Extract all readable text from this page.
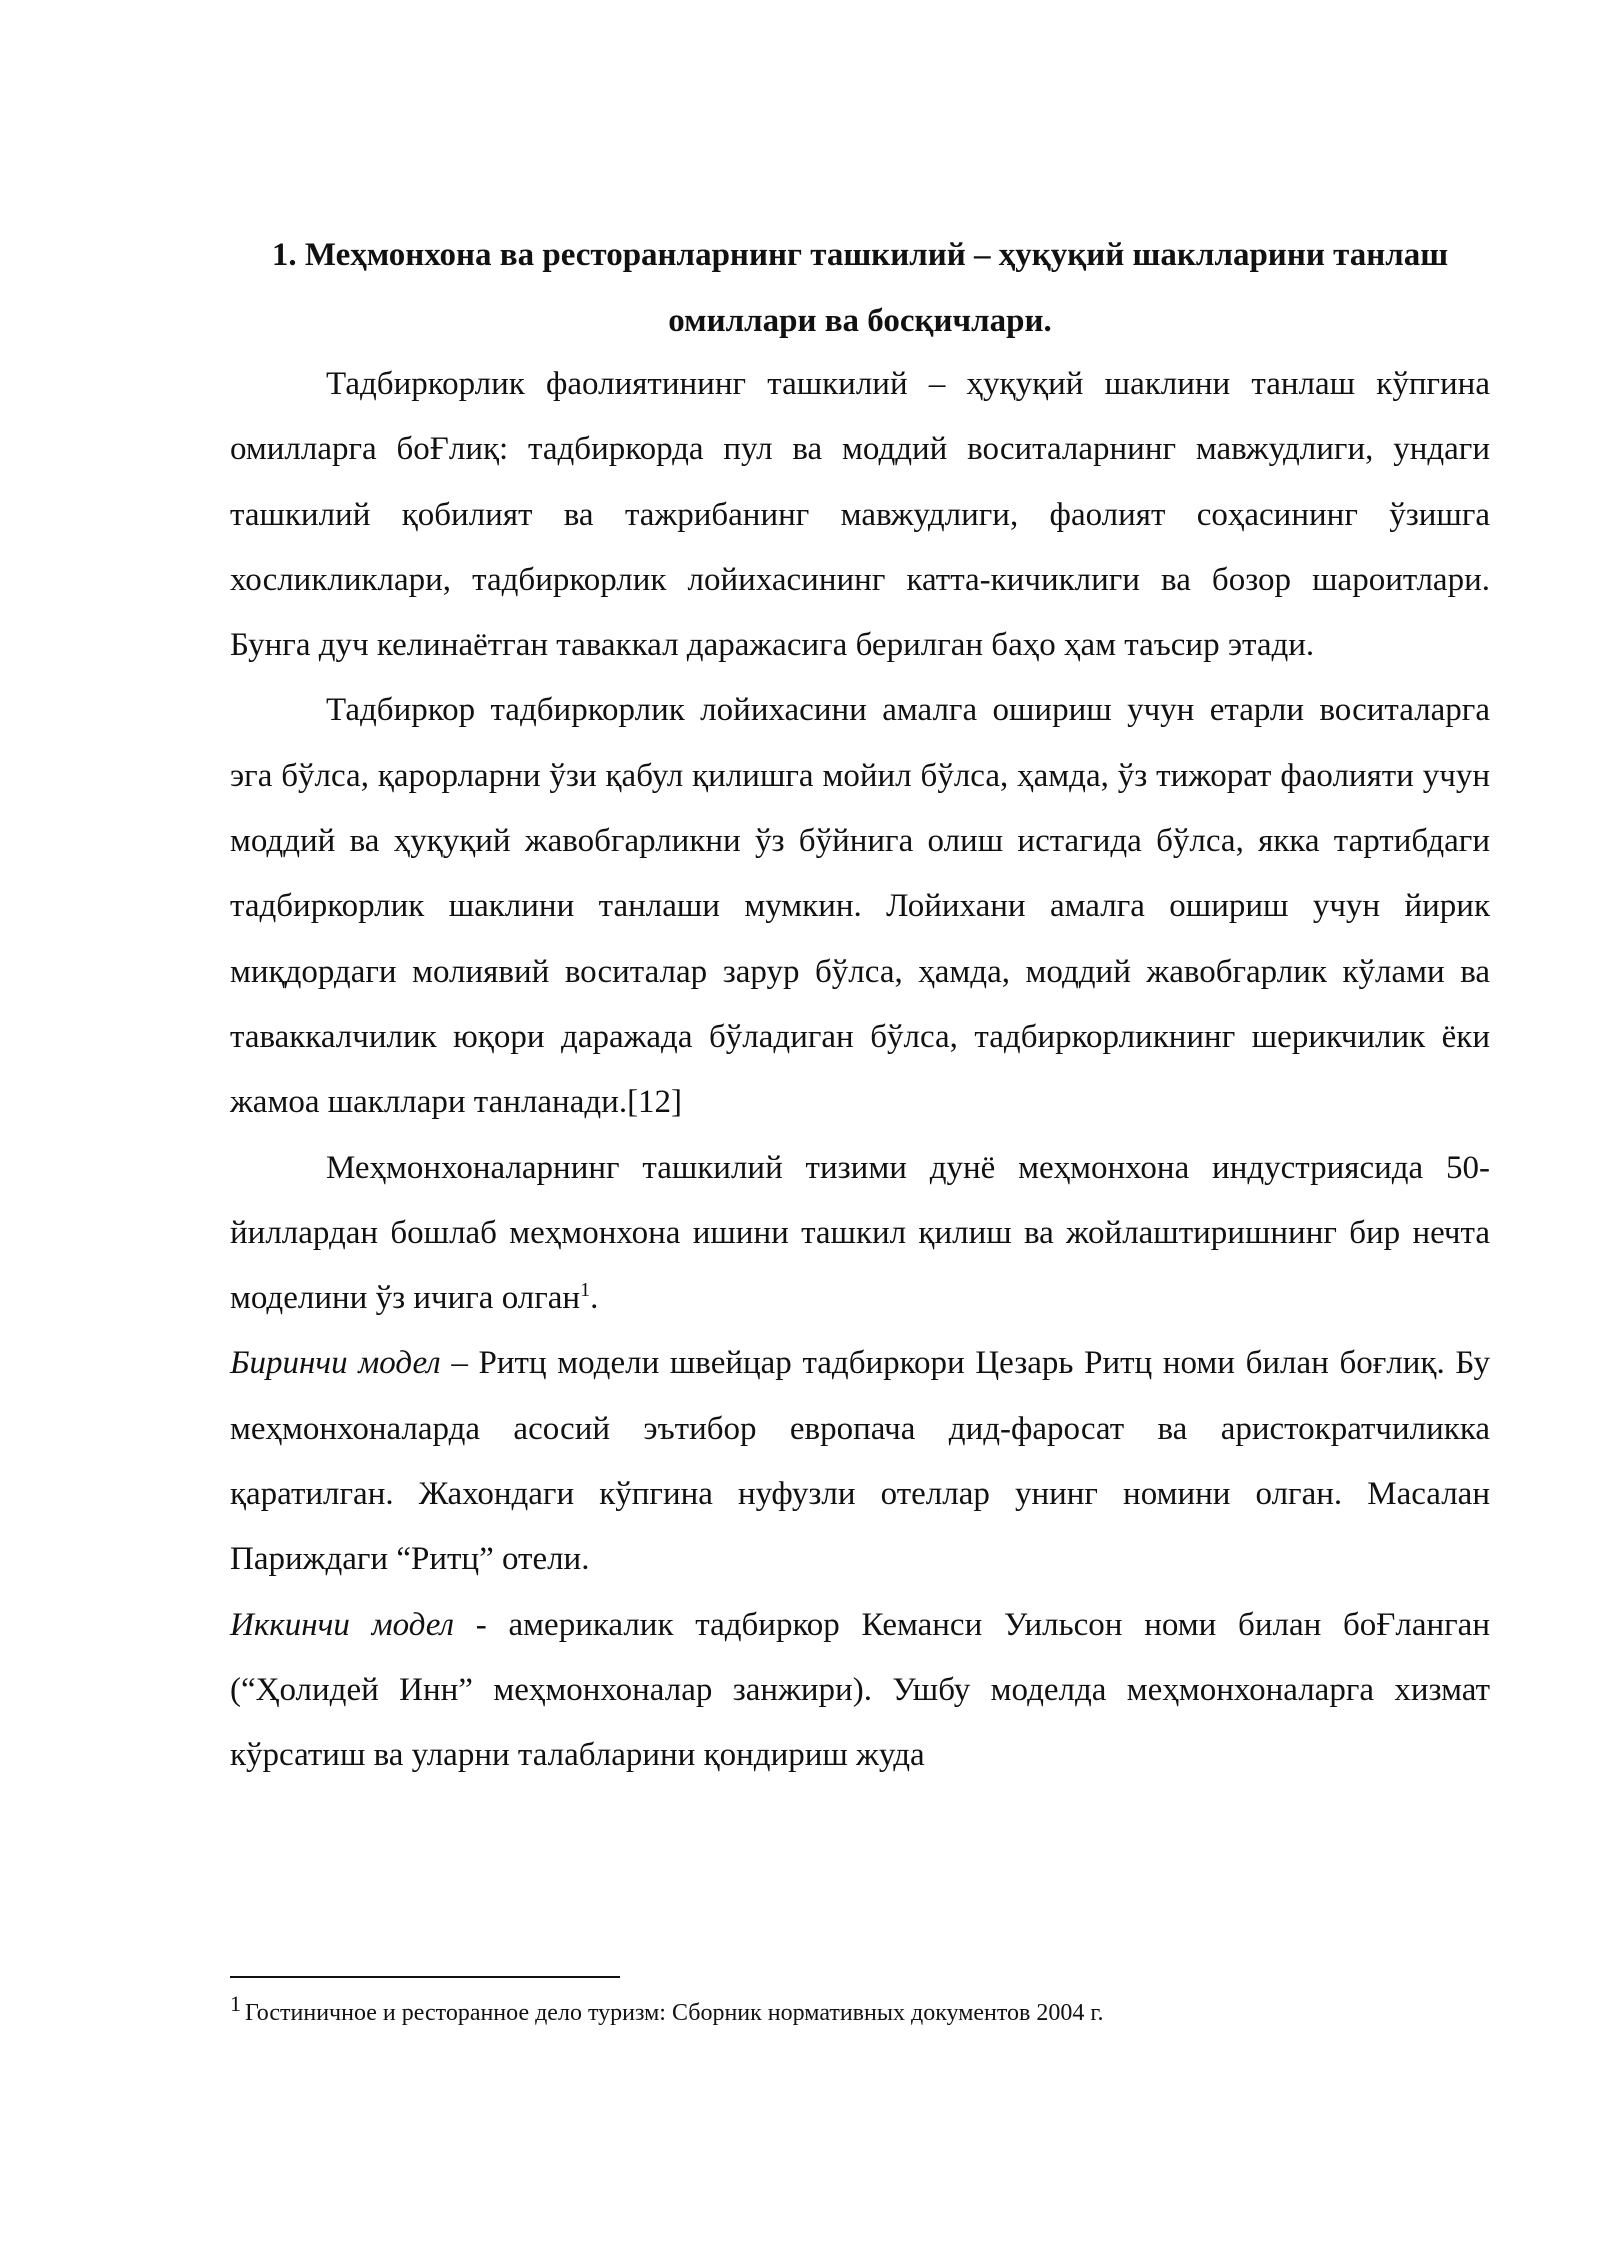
1. Меҳмонхона ва ресторанларнинг ташкилий – ҳуқуқий шаклларини танлаш омиллари ва босқичлари.

Тадбиркорлик фаолиятининг ташкилий – ҳуқуқий шаклини танлаш кўпгина омилларга боҒлиқ: тадбиркорда пул ва моддий воситаларнинг мавжудлиги, ундаги ташкилий қобилият ва тажрибанинг мавжудлиги, фаолият соҳасининг ўзишга хосликликлари, тадбиркорлик лойихасининг катта-кичиклиги ва бозор шароитлари. Бунга дуч келинаётган таваккал даражасига берилган баҳо ҳам таъсир этади.

Тадбиркор тадбиркорлик лойихасини амалга ошириш учун етарли воситаларга эга бўлса, қарорларни ўзи қабул қилишга мойил бўлса, ҳамда, ўз тижорат фаолияти учун моддий ва ҳуқуқий жавобгарликни ўз бўйнига олиш истагида бўлса, якка тартибдаги тадбиркорлик шаклини танлаши мумкин. Лойихани амалга ошириш учун йирик миқдордаги молиявий воситалар зарур бўлса, ҳамда, моддий жавобгарлик кўлами ва таваккалчилик юқори даражада бўладиган бўлса, тадбиркорликнинг шерикчилик ёки жамоа шакллари танланади.[12]

Меҳмонхоналарнинг ташкилий тизими дунё меҳмонхона индустриясида 50-йиллардан бошлаб меҳмонхона ишини ташкил қилиш ва жойлаштиришнинг бир нечта моделини ўз ичига олган$^1$.

Биринчи модел – Ритц модели швейцар тадбиркори Цезарь Ритц номи билан боғлиқ. Бу меҳмонхоналарда асосий эътибор европача дид-фаросат ва аристократчиликка қаратилган. Жахондаги кўпгина нуфузли отеллар унинг номини олган. Масалан Париждаги “Ритц” отели.

Иккинчи модел - америкалик тадбиркор Кеманси Уильсон номи билан боҒланган (“Ҳолидей Инн” меҳмонхоналар занжири). Ушбу моделда меҳмонхоналарга хизмат кўрсатиш ва уларни талабларини қондириш жуда

1 Гостиничное и ресторанное дело туризм: Сборник нормативных документов 2004 г.
